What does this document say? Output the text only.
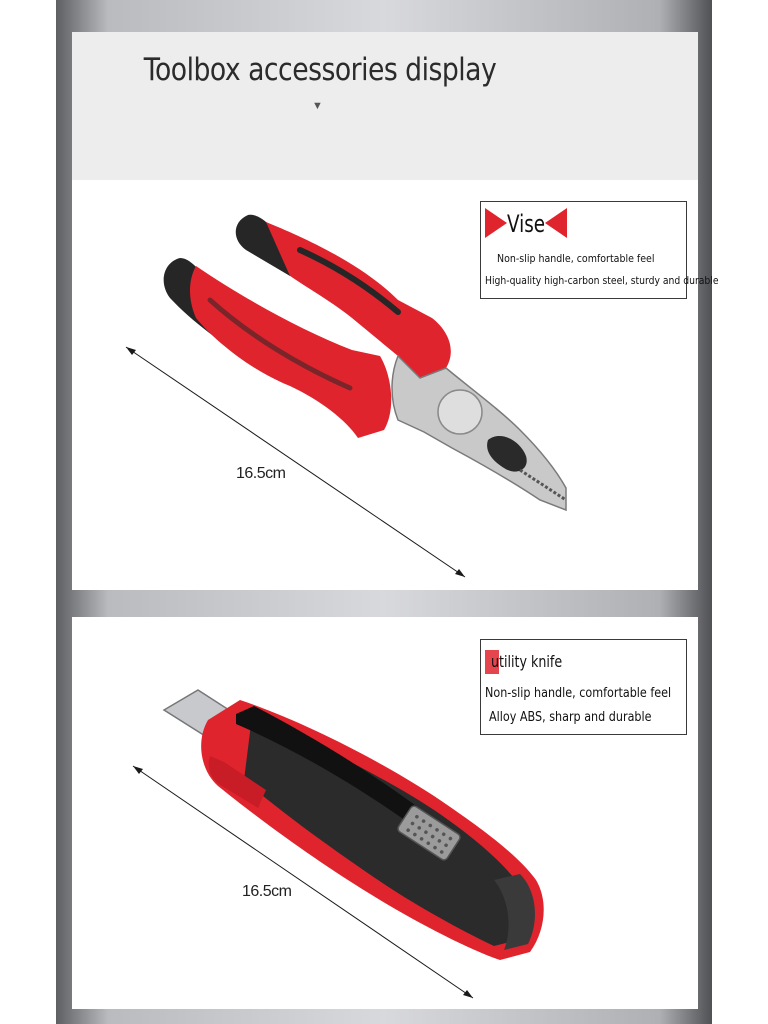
Toolbox accessories display
▼
16.5cm
Vise
Non-slip handle, comfortable feel
High-quality high-carbon steel, sturdy and durable
16.5cm
utility knife
Non-slip handle, comfortable feel
Alloy ABS, sharp and durable
